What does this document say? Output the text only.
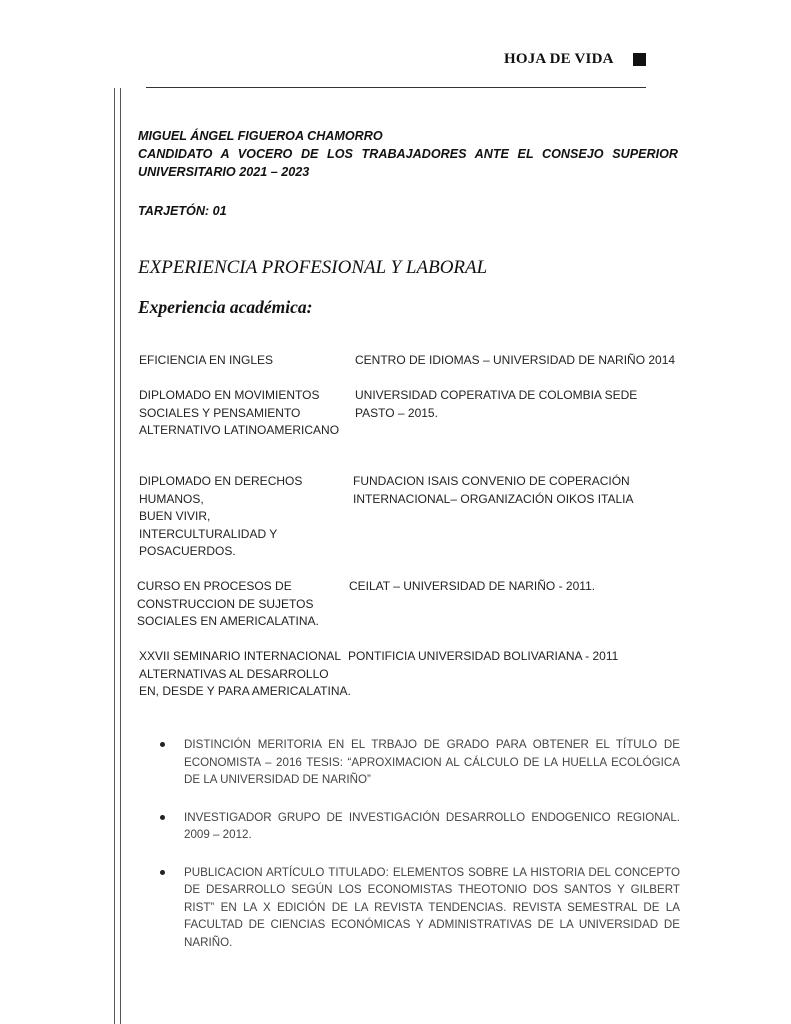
HOJA DE VIDA
MIGUEL ÁNGEL FIGUEROA CHAMORRO
CANDIDATO A VOCERO DE LOS TRABAJADORES ANTE EL CONSEJO SUPERIOR
UNIVERSITARIO 2021 – 2023
TARJETÓN: 01
EXPERIENCIA PROFESIONAL Y LABORAL
Experiencia académica:
EFICIENCIA EN INGLES	CENTRO DE IDIOMAS – UNIVERSIDAD DE NARIÑO 2014
DIPLOMADO EN MOVIMIENTOS
SOCIALES Y PENSAMIENTO
ALTERNATIVO LATINOAMERICANO
UNIVERSIDAD COPERATIVA DE COLOMBIA SEDE
PASTO – 2015.
DIPLOMADO EN DERECHOS
HUMANOS,
BUEN VIVIR,
INTERCULTURALIDAD Y
POSACUERDOS.
FUNDACION ISAIS CONVENIO DE COPERACIÓN
INTERNACIONAL– ORGANIZACIÓN OIKOS ITALIA
CURSO EN PROCESOS DE
CONSTRUCCION DE SUJETOS
SOCIALES EN AMERICALATINA.
CEILAT – UNIVERSIDAD DE NARIÑO - 2011.
XXVII SEMINARIO INTERNACIONAL
ALTERNATIVAS AL DESARROLLO
EN, DESDE Y PARA AMERICALATINA.
PONTIFICIA UNIVERSIDAD BOLIVARIANA - 2011
DISTINCIÓN MERITORIA EN EL TRBAJO DE GRADO PARA OBTENER EL TÍTULO DE ECONOMISTA – 2016 TESIS: “APROXIMACION AL CÁLCULO DE LA HUELLA ECOLÓGICA DE LA UNIVERSIDAD DE NARIÑO”
INVESTIGADOR GRUPO DE INVESTIGACIÓN DESARROLLO ENDOGENICO REGIONAL. 2009 – 2012.
PUBLICACION ARTÍCULO TITULADO: ELEMENTOS SOBRE LA HISTORIA DEL CONCEPTO DE DESARROLLO SEGÚN LOS ECONOMISTAS THEOTONIO DOS SANTOS Y GILBERT RIST” EN LA X EDICIÓN DE LA REVISTA TENDENCIAS. REVISTA SEMESTRAL DE LA FACULTAD DE CIENCIAS ECONÓMICAS Y ADMINISTRATIVAS DE LA UNIVERSIDAD DE NARIÑO.
